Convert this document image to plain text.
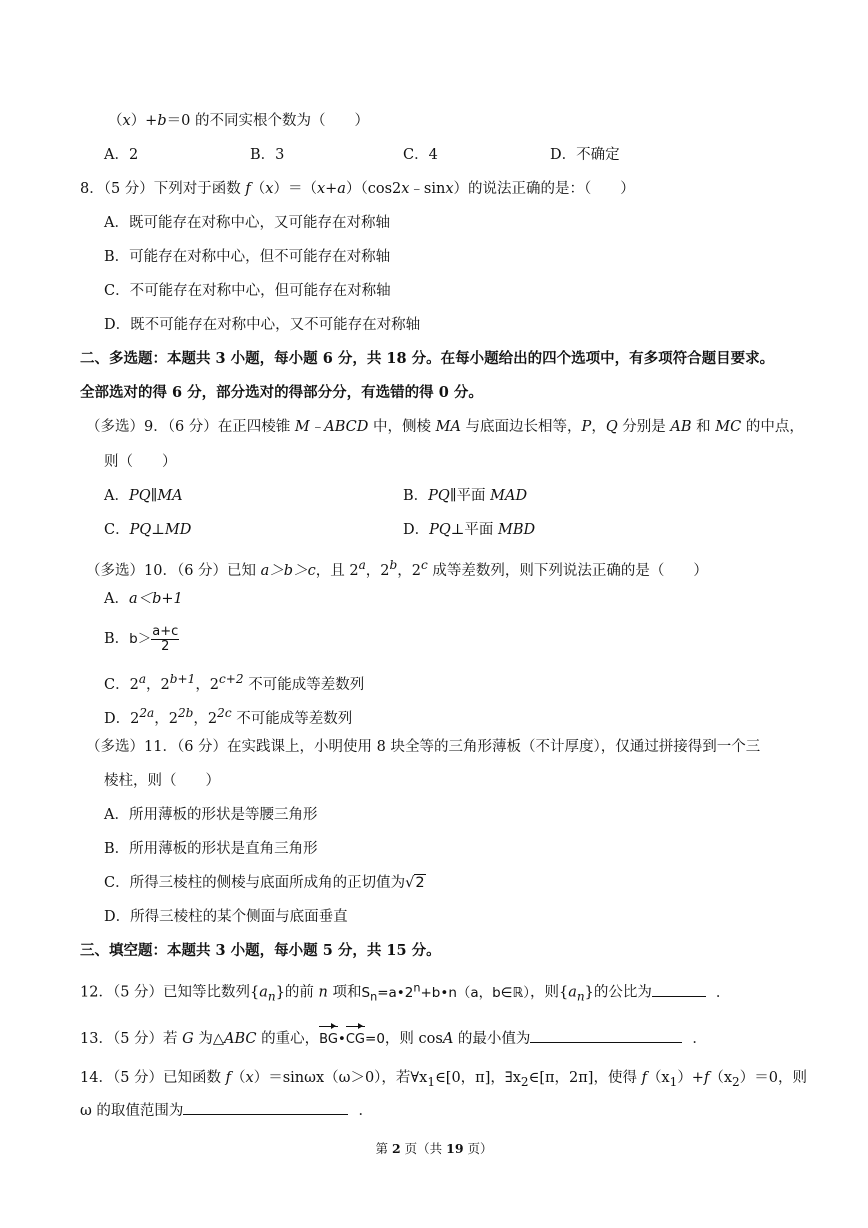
（x）+b＝0 的不同实根个数为（　　）
A．2	B．3	C．4	D．不确定
8．（5 分）下列对于函数 f（x）＝（x+a）（cos2x﹣sinx）的说法正确的是：（　　）
A．既可能存在对称中心，又可能存在对称轴
B．可能存在对称中心，但不可能存在对称轴
C．不可能存在对称中心，但可能存在对称轴
D．既不可能存在对称中心，又不可能存在对称轴
二、多选题：本题共 3 小题，每小题 6 分，共 18 分。在每小题给出的四个选项中，有多项符合题目要求。
全部选对的得 6 分，部分选对的得部分分，有选错的得 0 分。
（多选）9．（6 分）在正四棱锥 M﹣ABCD 中，侧棱 MA 与底面边长相等，P，Q 分别是 AB 和 MC 的中点，
则（　　）
A．PQ∥MA	B．PQ∥平面 MAD
C．PQ⊥MD	D．PQ⊥平面 MBD
（多选）10．（6 分）已知 a＞b＞c，且 2$^a$，2$^b$，2$^c$ 成等差数列，则下列说法正确的是（　　）
A．a＜b+1
B．$b> \frac{a+c}{2}$
C．2$^a$，$2^{b+1}$，$2^{c+2}$ 不可能成等差数列
D．$2^{2a}$，$2^{2b}$，$2^{2c}$ 不可能成等差数列
（多选）11．（6 分）在实践课上，小明使用 8 块全等的三角形薄板（不计厚度），仅通过拼接得到一个三
棱柱，则（　　）
A．所用薄板的形状是等腰三角形
B．所用薄板的形状是直角三角形
C．所得三棱柱的侧棱与底面所成角的正切值为√2
D．所得三棱柱的某个侧面与底面垂直
三、填空题：本题共 3 小题，每小题 5 分，共 15 分。
12．（5 分）已知等比数列$\{a_n\}$的前 n 项和$S_n=a•2^n+b•n(a$，b∈ℝ），则$\{a_n\}$的公比为	．
13．（5 分）若 G 为△ABC 的重心，BG•CG=0，则 cosA 的最小值为	．
14．（5 分）已知函数 f（x）＝sinωx（ω＞0），若$\forall x_1\in[0$，π]，$\exists x_2\in[\pi$，2π]，使得 $f(x_1)+f(x_2)=0$，则
ω 的取值范围为	．
第 2 页（共 19 页）
